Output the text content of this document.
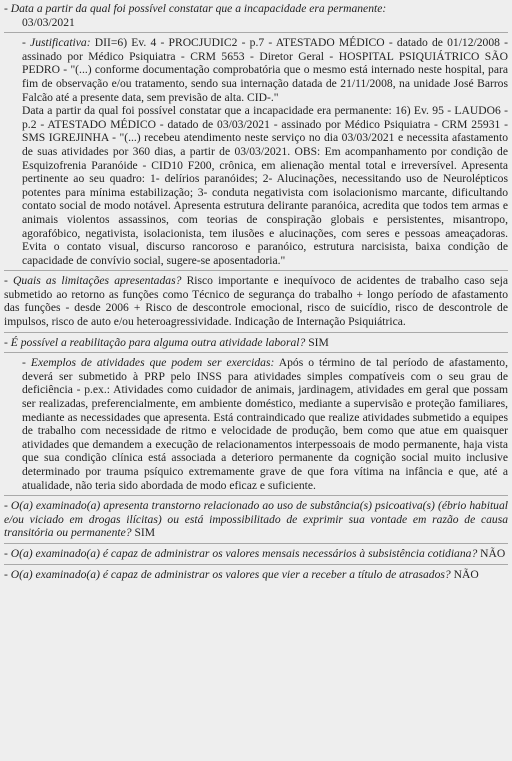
- Data a partir da qual foi possível constatar que a incapacidade era permanente:
03/03/2021

- Justificativa: DII=6) Ev. 4 - PROCJUDIC2 - p.7 - ATESTADO MÉDICO - datado de 01/12/2008 - assinado por Médico Psiquiatra - CRM 5653 - Diretor Geral - HOSPITAL PSIQUIÁTRICO SÃO PEDRO - "(...) conforme documentação comprobatória que o mesmo está internado neste hospital, para fim de observação e/ou tratamento, sendo sua internação datada de 21/11/2008, na unidade José Barros Falcão até a presente data, sem previsão de alta. CID-."

Data a partir da qual foi possível constatar que a incapacidade era permanente: 16) Ev. 95 - LAUDO6 - p.2 - ATESTADO MÉDICO - datado de 03/03/2021 - assinado por Médico Psiquiatra - CRM 25931 - SMS IGREJINHA - "(...) recebeu atendimento neste serviço no dia 03/03/2021 e necessita afastamento de suas atividades por 360 dias, a partir de 03/03/2021. OBS: Em acompanhamento por condição de Esquizofrenia Paranóide - CID10 F200, crônica, em alienação mental total e irreversível. Apresenta pertinente ao seu quadro: 1- delírios paranóides; 2- Alucinações, necessitando uso de Neurolépticos potentes para mínima estabilização; 3- conduta negativista com isolacionismo marcante, dificultando contato social de modo notável. Apresenta estrutura delirante paranóica, acredita que todos tem armas e animais violentos assassinos, com teorias de conspiração globais e persistentes, misantropo, agorafóbico, negativista, isolacionista, tem ilusões e alucinações, com seres e pessoas ameaçadoras. Evita o contato visual, discurso rancoroso e paranóico, estrutura narcisista, baixa condição de capacidade de convívio social, sugere-se aposentadoria."

- Quais as limitações apresentadas? Risco importante e inequívoco de acidentes de trabalho caso seja submetido ao retorno as funções como Técnico de segurança do trabalho + longo período de afastamento das funções - desde 2006 + Risco de descontrole emocional, risco de suicídio, risco de descontrole de impulsos, risco de auto e/ou heteroagressividade. Indicação de Internação Psiquiátrica.

- É possível a reabilitação para alguma outra atividade laboral? SIM

- Exemplos de atividades que podem ser exercidas: Após o término de tal período de afastamento, deverá ser submetido à PRP pelo INSS para atividades simples compatíveis com o seu grau de deficiência - p.ex.: Atividades como cuidador de animais, jardinagem, atividades em geral que possam ser realizadas, preferencialmente, em ambiente doméstico, mediante a supervisão e proteção familiares, mediante as necessidades que apresenta. Está contraindicado que realize atividades submetido a equipes de trabalho com necessidade de ritmo e velocidade de produção, bem como que atue em quaisquer atividades que demandem a execução de relacionamentos interpessoais de modo permanente, haja vista que sua condição clínica está associada a deterioro permanente da cognição social muito inclusive determinado por trauma psíquico extremamente grave de que fora vítima na infância e que, até a atualidade, não teria sido abordada de modo eficaz e suficiente.

- O(a) examinado(a) apresenta transtorno relacionado ao uso de substância(s) psicoativa(s) (ébrio habitual e/ou viciado em drogas ilícitas) ou está impossibilitado de exprimir sua vontade em razão de causa transitória ou permanente? SIM

- O(a) examinado(a) é capaz de administrar os valores mensais necessários à subsistência cotidiana? NÃO

- O(a) examinado(a) é capaz de administrar os valores que vier a receber a título de atrasados? NÃO
